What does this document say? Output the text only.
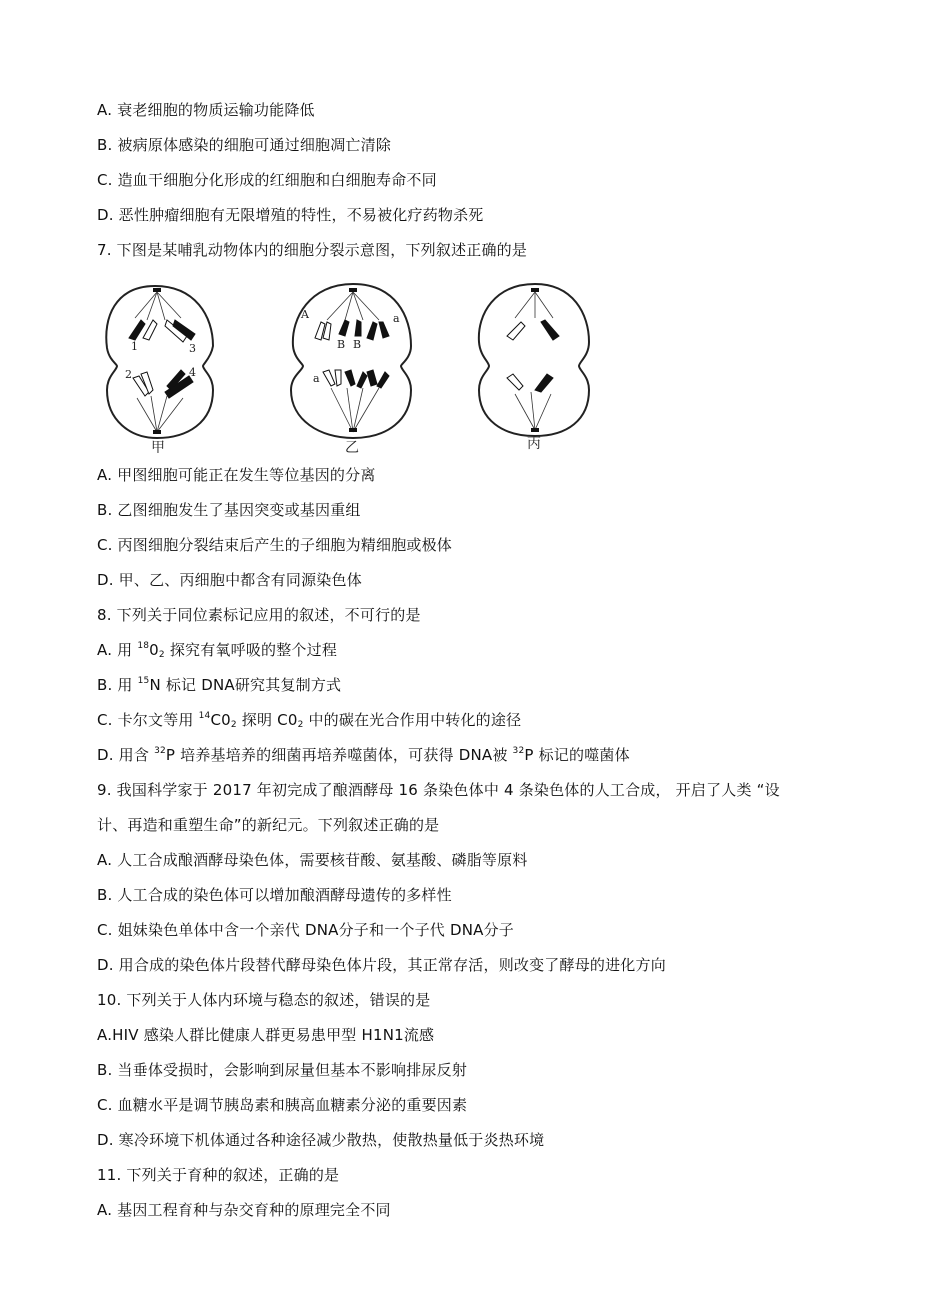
A. 衰老细胞的物质运输功能降低
B. 被病原体感染的细胞可通过细胞凋亡清除
C. 造血干细胞分化形成的红细胞和白细胞寿命不同
D. 恶性肿瘤细胞有无限增殖的特性，不易被化疗药物杀死
7. 下图是某哺乳动物体内的细胞分裂示意图，下列叙述正确的是
1	3
2	4
A
B B
a
a
甲	乙	丙
A. 甲图细胞可能正在发生等位基因的分离
B. 乙图细胞发生了基因突变或基因重组
C. 丙图细胞分裂结束后产生的子细胞为精细胞或极体
D. 甲、乙、丙细胞中都含有同源染色体
8. 下列关于同位素标记应用的叙述，不可行的是
A. 用 $^{18}0_2$ 探究有氧呼吸的整个过程
B. 用 $^{15}$N 标记 DNA研究其复制方式
C. 卡尔文等用 $^{14}C0_2$ 探明 $C0_2$ 中的碳在光合作用中转化的途径
D. 用含 $^{32}$P 培养基培养的细菌再培养噬菌体，可获得 DNA被 $^{32}$P 标记的噬菌体
9. 我国科学家于 2017 年初完成了酿酒酵母 16 条染色体中 4 条染色体的人工合成， 开启了人类 “设
计、再造和重塑生命”的新纪元。下列叙述正确的是
A. 人工合成酿酒酵母染色体，需要核苷酸、氨基酸、磷脂等原料
B. 人工合成的染色体可以增加酿酒酵母遗传的多样性
C. 姐妹染色单体中含一个亲代 DNA分子和一个子代 DNA分子
D. 用合成的染色体片段替代酵母染色体片段，其正常存活，则改变了酵母的进化方向
10. 下列关于人体内环境与稳态的叙述，错误的是
A.HIV 感染人群比健康人群更易患甲型 H1N1流感
B. 当垂体受损时，会影响到尿量但基本不影响排尿反射
C. 血糖水平是调节胰岛素和胰高血糖素分泌的重要因素
D. 寒冷环境下机体通过各种途径减少散热，使散热量低于炎热环境
11. 下列关于育种的叙述，正确的是
A. 基因工程育种与杂交育种的原理完全不同
